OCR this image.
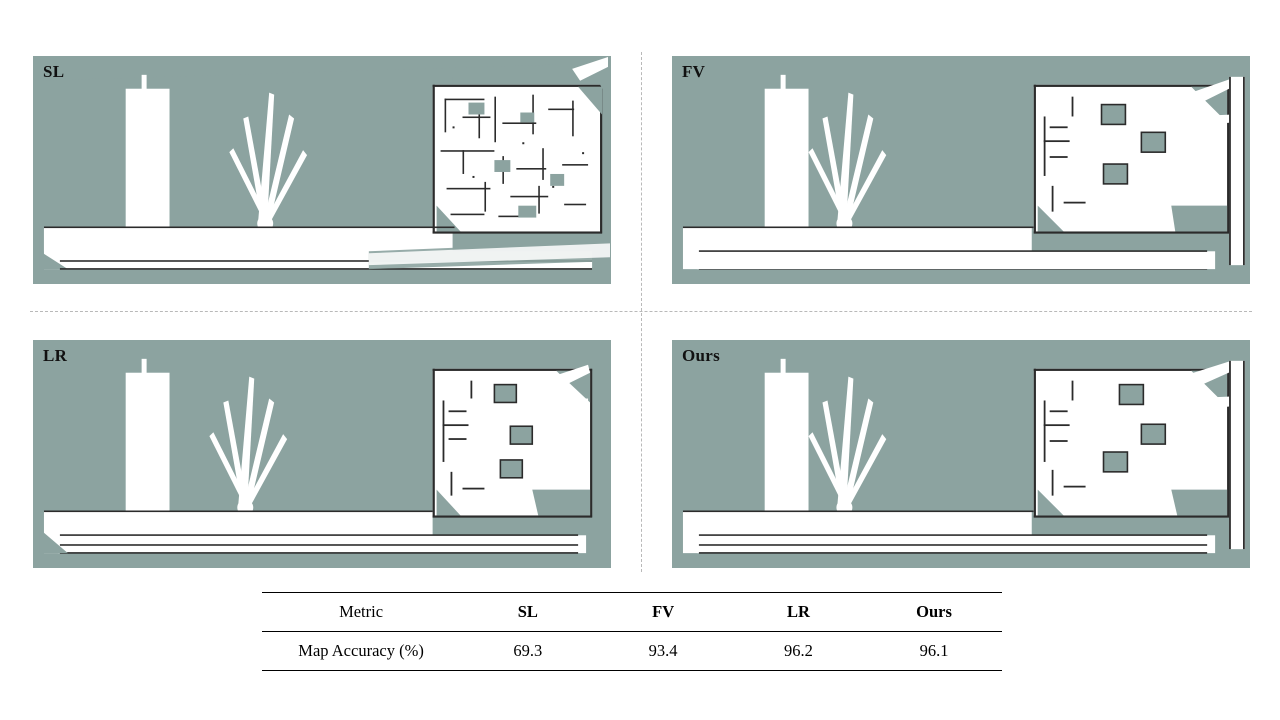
SL	FV
LR	Ours
Metric	SL	FV	LR	Ours
Map Accuracy (%)	69.3	93.4	96.2	96.1
